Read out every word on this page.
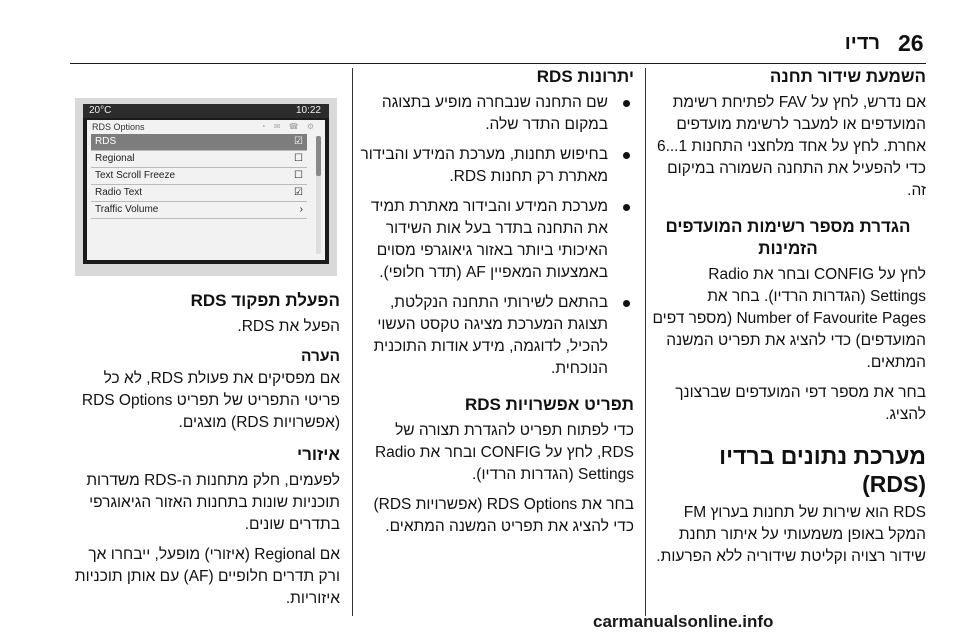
26
רדיו
השמעת שידור תחנה

אם נדרש, לחץ על FAV לפתיחת רשימת המועדפים או למעבר לרשימת מועדפים אחרת. לחץ על אחד מלחצני התחנות 1...6 כדי להפעיל את התחנה השמורה במיקום זה.

הגדרת מספר רשימות המועדפים הזמינות

לחץ על CONFIG ובחר את Radio Settings (הגדרות הרדיו). בחר את Number of Favourite Pages (מספר דפים המועדפים) כדי להציג את תפריט המשנה המתאים.

בחר את מספר דפי המועדפים שברצונך להציג.

מערכת נתונים ברדיו (RDS)

RDS הוא שירות של תחנות בערוץ FM המקל באופן משמעותי על איתור תחנת שידור רצויה וקליטת שידוריה ללא הפרעות.

יתרונות RDS
שם התחנה שנבחרה מופיע בתצוגה במקום התדר שלה.
בחיפוש תחנות, מערכת המידע והבידור מאתרת רק תחנות RDS.
מערכת המידע והבידור מאתרת תמיד את התחנה בתדר בעל אות השידור האיכותי ביותר באזור גיאוגרפי מסוים באמצעות המאפיין AF (תדר חלופי).
בהתאם לשירותי התחנה הנקלטת, תצוגת המערכת מציגה טקסט העשוי להכיל, לדוגמה, מידע אודות התוכנית הנוכחית.
תפריט אפשרויות RDS

כדי לפתוח תפריט להגדרת תצורה של RDS, לחץ על CONFIG ובחר את Radio Settings (הגדרות הרדיו).

בחר את RDS Options (אפשרויות RDS) כדי להציג את תפריט המשנה המתאים.

20°C	10:22
RDS Options	◔ ✉ ☎ ⚙
RDS	☑
Regional	☐
Text Scroll Freeze	☐
Radio Text	☑
Traffic Volume	›
הפעלת תפקוד RDS

הפעל את RDS.

הערה

אם מפסיקים את פעולת RDS, לא כל פריטי התפריט של תפריט RDS Options (אפשרויות RDS) מוצגים.

איזורי

לפעמים, חלק מתחנות ה-RDS משדרות תוכניות שונות בתחנות האזור הגיאוגרפי בתדרים שונים.

אם Regional (איזורי) מופעל, ייבחרו אך ורק תדרים חלופיים (AF) עם אותן תוכניות איזוריות.

carmanualsonline.info
